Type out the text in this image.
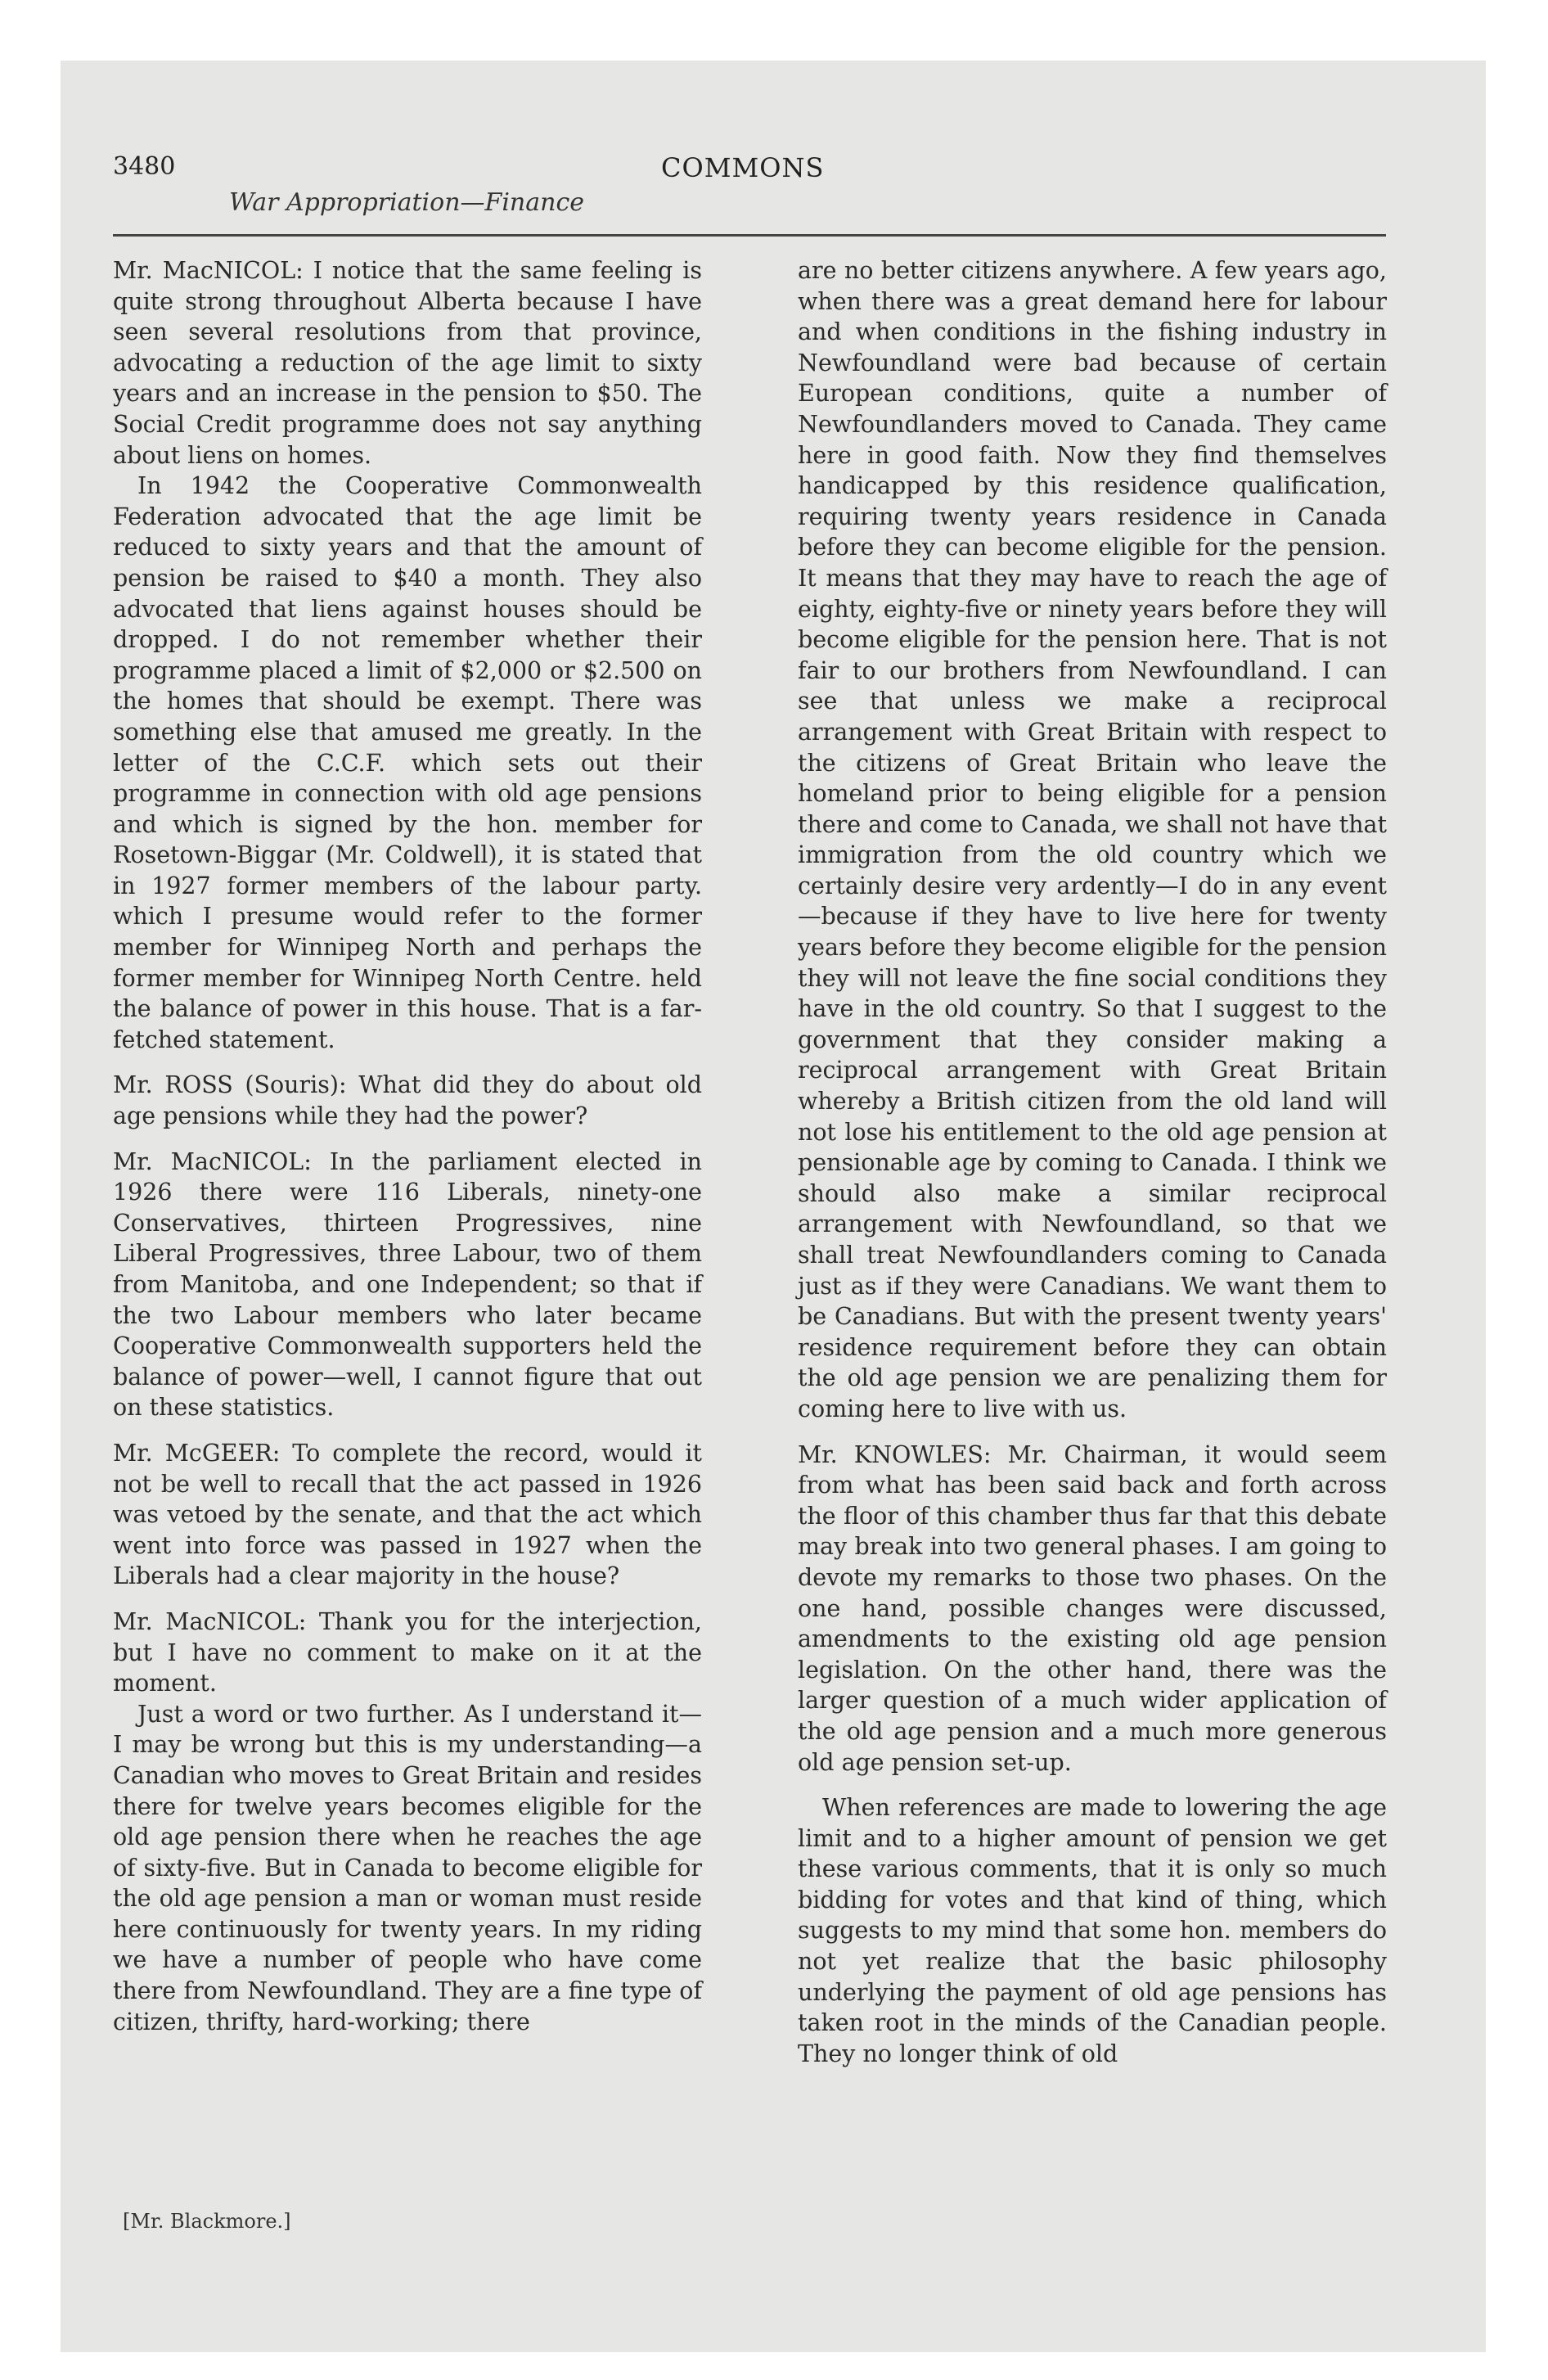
3480
War Appropriation—Finance
COMMONS

Mr. MacNICOL: I notice that the same feeling is quite strong throughout Alberta because I have seen several resolutions from that province, advocating a reduction of the age limit to sixty years and an increase in the pension to $50. The Social Credit programme does not say anything about liens on homes.

In 1942 the Cooperative Commonwealth Federation advocated that the age limit be reduced to sixty years and that the amount of pension be raised to $40 a month. They also advocated that liens against houses should be dropped. I do not remember whether their programme placed a limit of $2,000 or $2.500 on the homes that should be exempt. There was something else that amused me greatly. In the letter of the C.C.F. which sets out their programme in connection with old age pensions and which is signed by the hon. member for Rosetown-Biggar (Mr. Coldwell), it is stated that in 1927 former members of the labour party. which I presume would refer to the former member for Winnipeg North and perhaps the former member for Winnipeg North Centre. held the balance of power in this house. That is a far-fetched statement.

Mr. ROSS (Souris): What did they do about old age pensions while they had the power?

Mr. MacNICOL: In the parliament elected in 1926 there were 116 Liberals, ninety-one Conservatives, thirteen Progressives, nine Liberal Progressives, three Labour, two of them from Manitoba, and one Independent; so that if the two Labour members who later became Cooperative Commonwealth supporters held the balance of power—well, I cannot figure that out on these statistics.

Mr. McGEER: To complete the record, would it not be well to recall that the act passed in 1926 was vetoed by the senate, and that the act which went into force was passed in 1927 when the Liberals had a clear majority in the house?

Mr. MacNICOL: Thank you for the interjection, but I have no comment to make on it at the moment.

Just a word or two further. As I understand it—I may be wrong but this is my understanding—a Canadian who moves to Great Britain and resides there for twelve years becomes eligible for the old age pension there when he reaches the age of sixty-five. But in Canada to become eligible for the old age pension a man or woman must reside here continuously for twenty years. In my riding we have a number of people who have come there from Newfoundland. They are a fine type of citizen, thrifty, hard-working; there

are no better citizens anywhere. A few years ago, when there was a great demand here for labour and when conditions in the fishing industry in Newfoundland were bad because of certain European conditions, quite a number of Newfoundlanders moved to Canada. They came here in good faith. Now they find themselves handicapped by this residence qualification, requiring twenty years residence in Canada before they can become eligible for the pension. It means that they may have to reach the age of eighty, eighty-five or ninety years before they will become eligible for the pension here. That is not fair to our brothers from Newfoundland. I can see that unless we make a reciprocal arrangement with Great Britain with respect to the citizens of Great Britain who leave the homeland prior to being eligible for a pension there and come to Canada, we shall not have that immigration from the old country which we certainly desire very ardently—I do in any event—because if they have to live here for twenty years before they become eligible for the pension they will not leave the fine social conditions they have in the old country. So that I suggest to the government that they consider making a reciprocal arrangement with Great Britain whereby a British citizen from the old land will not lose his entitlement to the old age pension at pensionable age by coming to Canada. I think we should also make a similar reciprocal arrangement with Newfoundland, so that we shall treat Newfoundlanders coming to Canada just as if they were Canadians. We want them to be Canadians. But with the present twenty years' residence requirement before they can obtain the old age pension we are penalizing them for coming here to live with us.

Mr. KNOWLES: Mr. Chairman, it would seem from what has been said back and forth across the floor of this chamber thus far that this debate may break into two general phases. I am going to devote my remarks to those two phases. On the one hand, possible changes were discussed, amendments to the existing old age pension legislation. On the other hand, there was the larger question of a much wider application of the old age pension and a much more generous old age pension set-up.

When references are made to lowering the age limit and to a higher amount of pension we get these various comments, that it is only so much bidding for votes and that kind of thing, which suggests to my mind that some hon. members do not yet realize that the basic philosophy underlying the payment of old age pensions has taken root in the minds of the Canadian people. They no longer think of old

[Mr. Blackmore.]
